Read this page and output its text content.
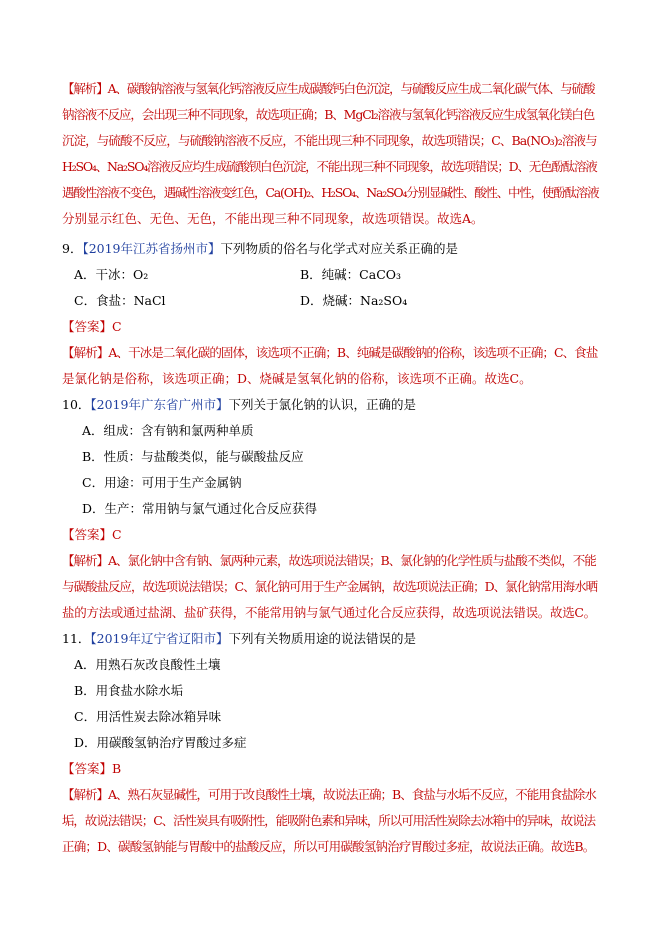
【解析】A、碳酸钠溶液与氢氧化钙溶液反应生成碳酸钙白色沉淀，与硫酸反应生成二氧化碳气体、与硫酸
钠溶液不反应，会出现三种不同现象，故选项正确；B、MgCl₂溶液与氢氧化钙溶液反应生成氢氧化镁白色
沉淀，与硫酸不反应，与硫酸钠溶液不反应，不能出现三种不同现象，故选项错误；C、Ba(NO₃)₂溶液与
H₂SO₄、Na₂SO₄溶液反应均生成硫酸钡白色沉淀，不能出现三种不同现象，故选项错误；D、无色酚酞溶液
遇酸性溶液不变色，遇碱性溶液变红色，Ca(OH)₂、H₂SO₄、Na₂SO₄分别显碱性、酸性、中性，使酚酞溶液
分别显示红色、无色、无色，不能出现三种不同现象，故选项错误。故选A。
9．【2019年江苏省扬州市】下列物质的俗名与化学式对应关系正确的是
A．干冰：O₂	B．纯碱：CaCO₃
C．食盐：NaCl	D．烧碱：Na₂SO₄
【答案】C
【解析】A、干冰是二氧化碳的固体，该选项不正确；B、纯碱是碳酸钠的俗称，该选项不正确；C、食盐
是氯化钠是俗称，该选项正确；D、烧碱是氢氧化钠的俗称，该选项不正确。故选C。
10．【2019年广东省广州市】下列关于氯化钠的认识，正确的是
A．组成：含有钠和氯两种单质
B．性质：与盐酸类似，能与碳酸盐反应
C．用途：可用于生产金属钠
D．生产：常用钠与氯气通过化合反应获得
【答案】C
【解析】A、氯化钠中含有钠、氯两种元素，故选项说法错误；B、氯化钠的化学性质与盐酸不类似，不能
与碳酸盐反应，故选项说法错误；C、氯化钠可用于生产金属钠，故选项说法正确；D、氯化钠常用海水晒
盐的方法或通过盐湖、盐矿获得，不能常用钠与氯气通过化合反应获得，故选项说法错误。故选C。
11．【2019年辽宁省辽阳市】下列有关物质用途的说法错误的是
A．用熟石灰改良酸性土壤
B．用食盐水除水垢
C．用活性炭去除冰箱异味
D．用碳酸氢钠治疗胃酸过多症
【答案】B
【解析】A、熟石灰显碱性，可用于改良酸性土壤，故说法正确；B、食盐与水垢不反应，不能用食盐除水
垢，故说法错误；C、活性炭具有吸附性，能吸附色素和异味，所以可用活性炭除去冰箱中的异味，故说法
正确；D、碳酸氢钠能与胃酸中的盐酸反应，所以可用碳酸氢钠治疗胃酸过多症，故说法正确。故选B。
